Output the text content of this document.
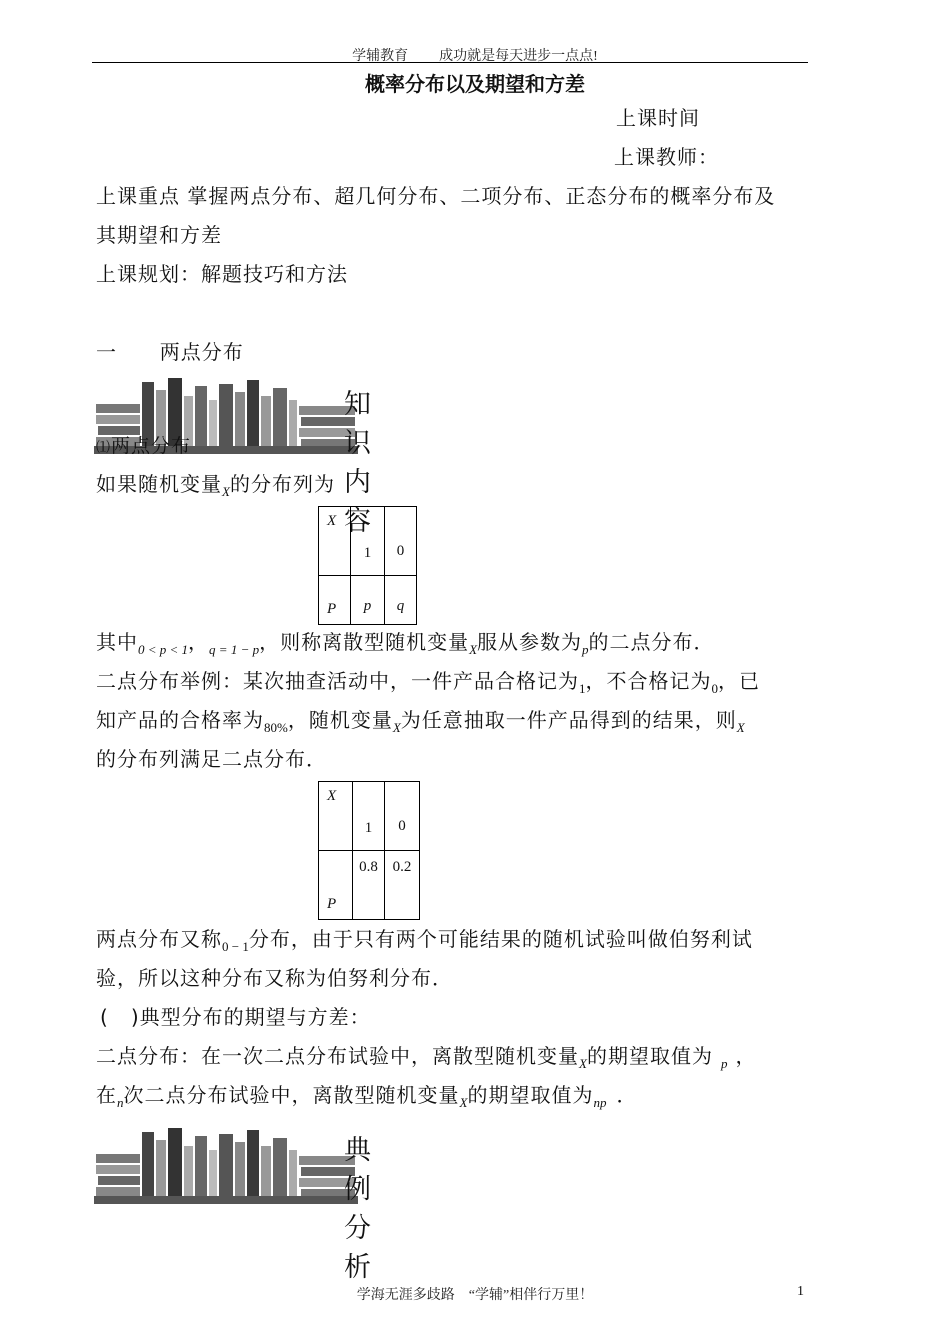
学辅教育 成功就是每天进步一点点!
概率分布以及期望和方差
上课时间
上课教师：
上课重点 掌握两点分布、超几何分布、二项分布、正态分布的概率分布及
其期望和方差
上课规划：解题技巧和方法
一 两点分布
知识内容
⑴两点分布
如果随机变量$_X$的分布列为
X	1	0

P	p	q
其中$_{0 < p < 1}$，$_{q = 1 - p}$，则称离散型随机变量$_X$服从参数为$_p$的二点分布．
二点分布举例：某次抽查活动中，一件产品合格记为$_1$，不合格记为$_0$，已
知产品的合格率为$_{80\%}$，随机变量$_X$为任意抽取一件产品得到的结果，则$_X$
的分布列满足二点分布．
X	1	0

P	0.8	0.2
两点分布又称$_{0 - 1}$分布，由于只有两个可能结果的随机试验叫做伯努利试
验，所以这种分布又称为伯努利分布．
( )典型分布的期望与方差：
二点分布：在一次二点分布试验中，离散型随机变量$_X$的期望取值为 $_p$ ，
在$_n$次二点分布试验中，离散型随机变量$_X$的期望取值为$_{np}$ ．
典例分析
学海无涯多歧路　“学辅”相伴行万里！	1
